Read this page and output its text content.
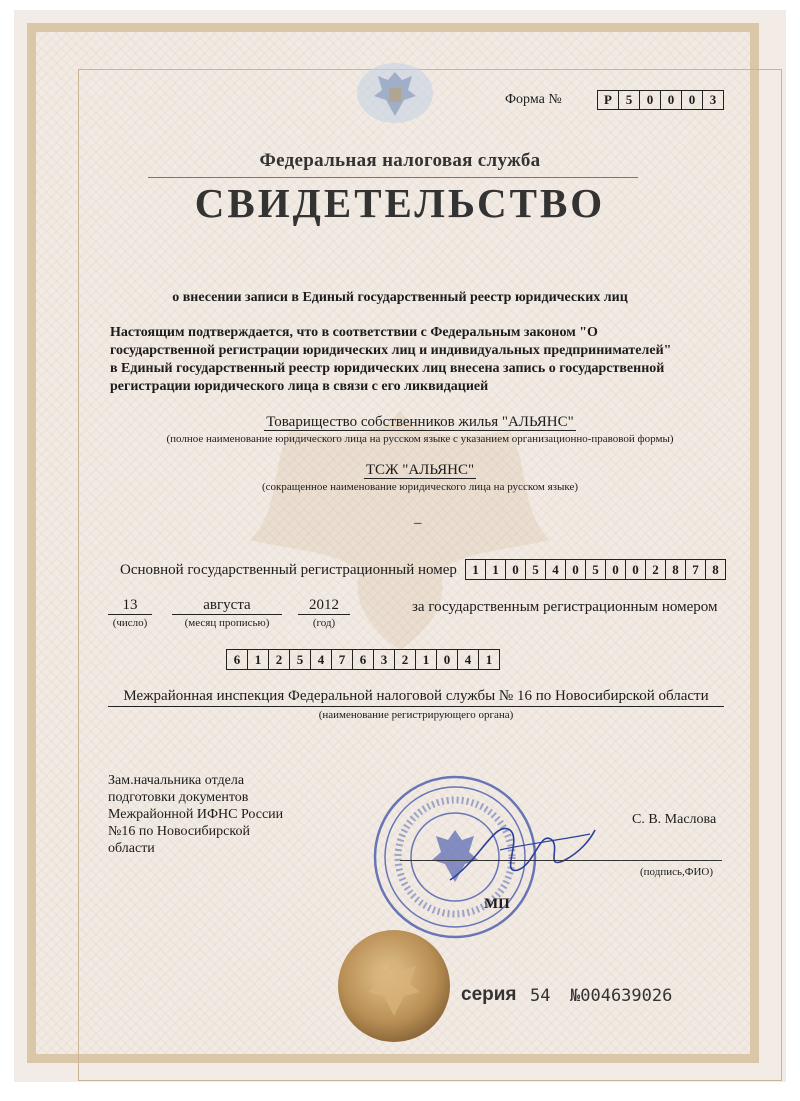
Форма №	Р	5	0	0	0	3
Федеральная налоговая служба
СВИДЕТЕЛЬСТВО
о внесении записи в Единый государственный реестр юридических лиц
Настоящим подтверждается, что в соответствии с Федеральным законом "О
государственной регистрации юридических лиц и индивидуальных предпринимателей"
в Единый государственный реестр юридических лиц внесена запись о государственной
регистрации юридического лица в связи с его ликвидацией
Товарищество собственников жилья "АЛЬЯНС"
(полное наименование юридического лица на русском языке с указанием организационно-правовой формы)
ТСЖ "АЛЬЯНС"
(сокращенное наименование юридического лица на русском языке)
–
Основной государственный регистрационный номер	1	1	0	5	4	0	5	0	0	2	8	7	8
13	августа	2012
(число)	(месяц прописью)	(год)
за государственным регистрационным номером
6	1	2	5	4	7	6	3	2	1	0	4	1
Межрайонная инспекция Федеральной налоговой службы № 16 по Новосибирской области
(наименование регистрирующего органа)
Зам.начальника отдела
подготовки документов
Межрайонной ИФНС России
№16 по Новосибирской
области
С. В. Маслова
(подпись,ФИО)
МП
серия 54 №004639026
